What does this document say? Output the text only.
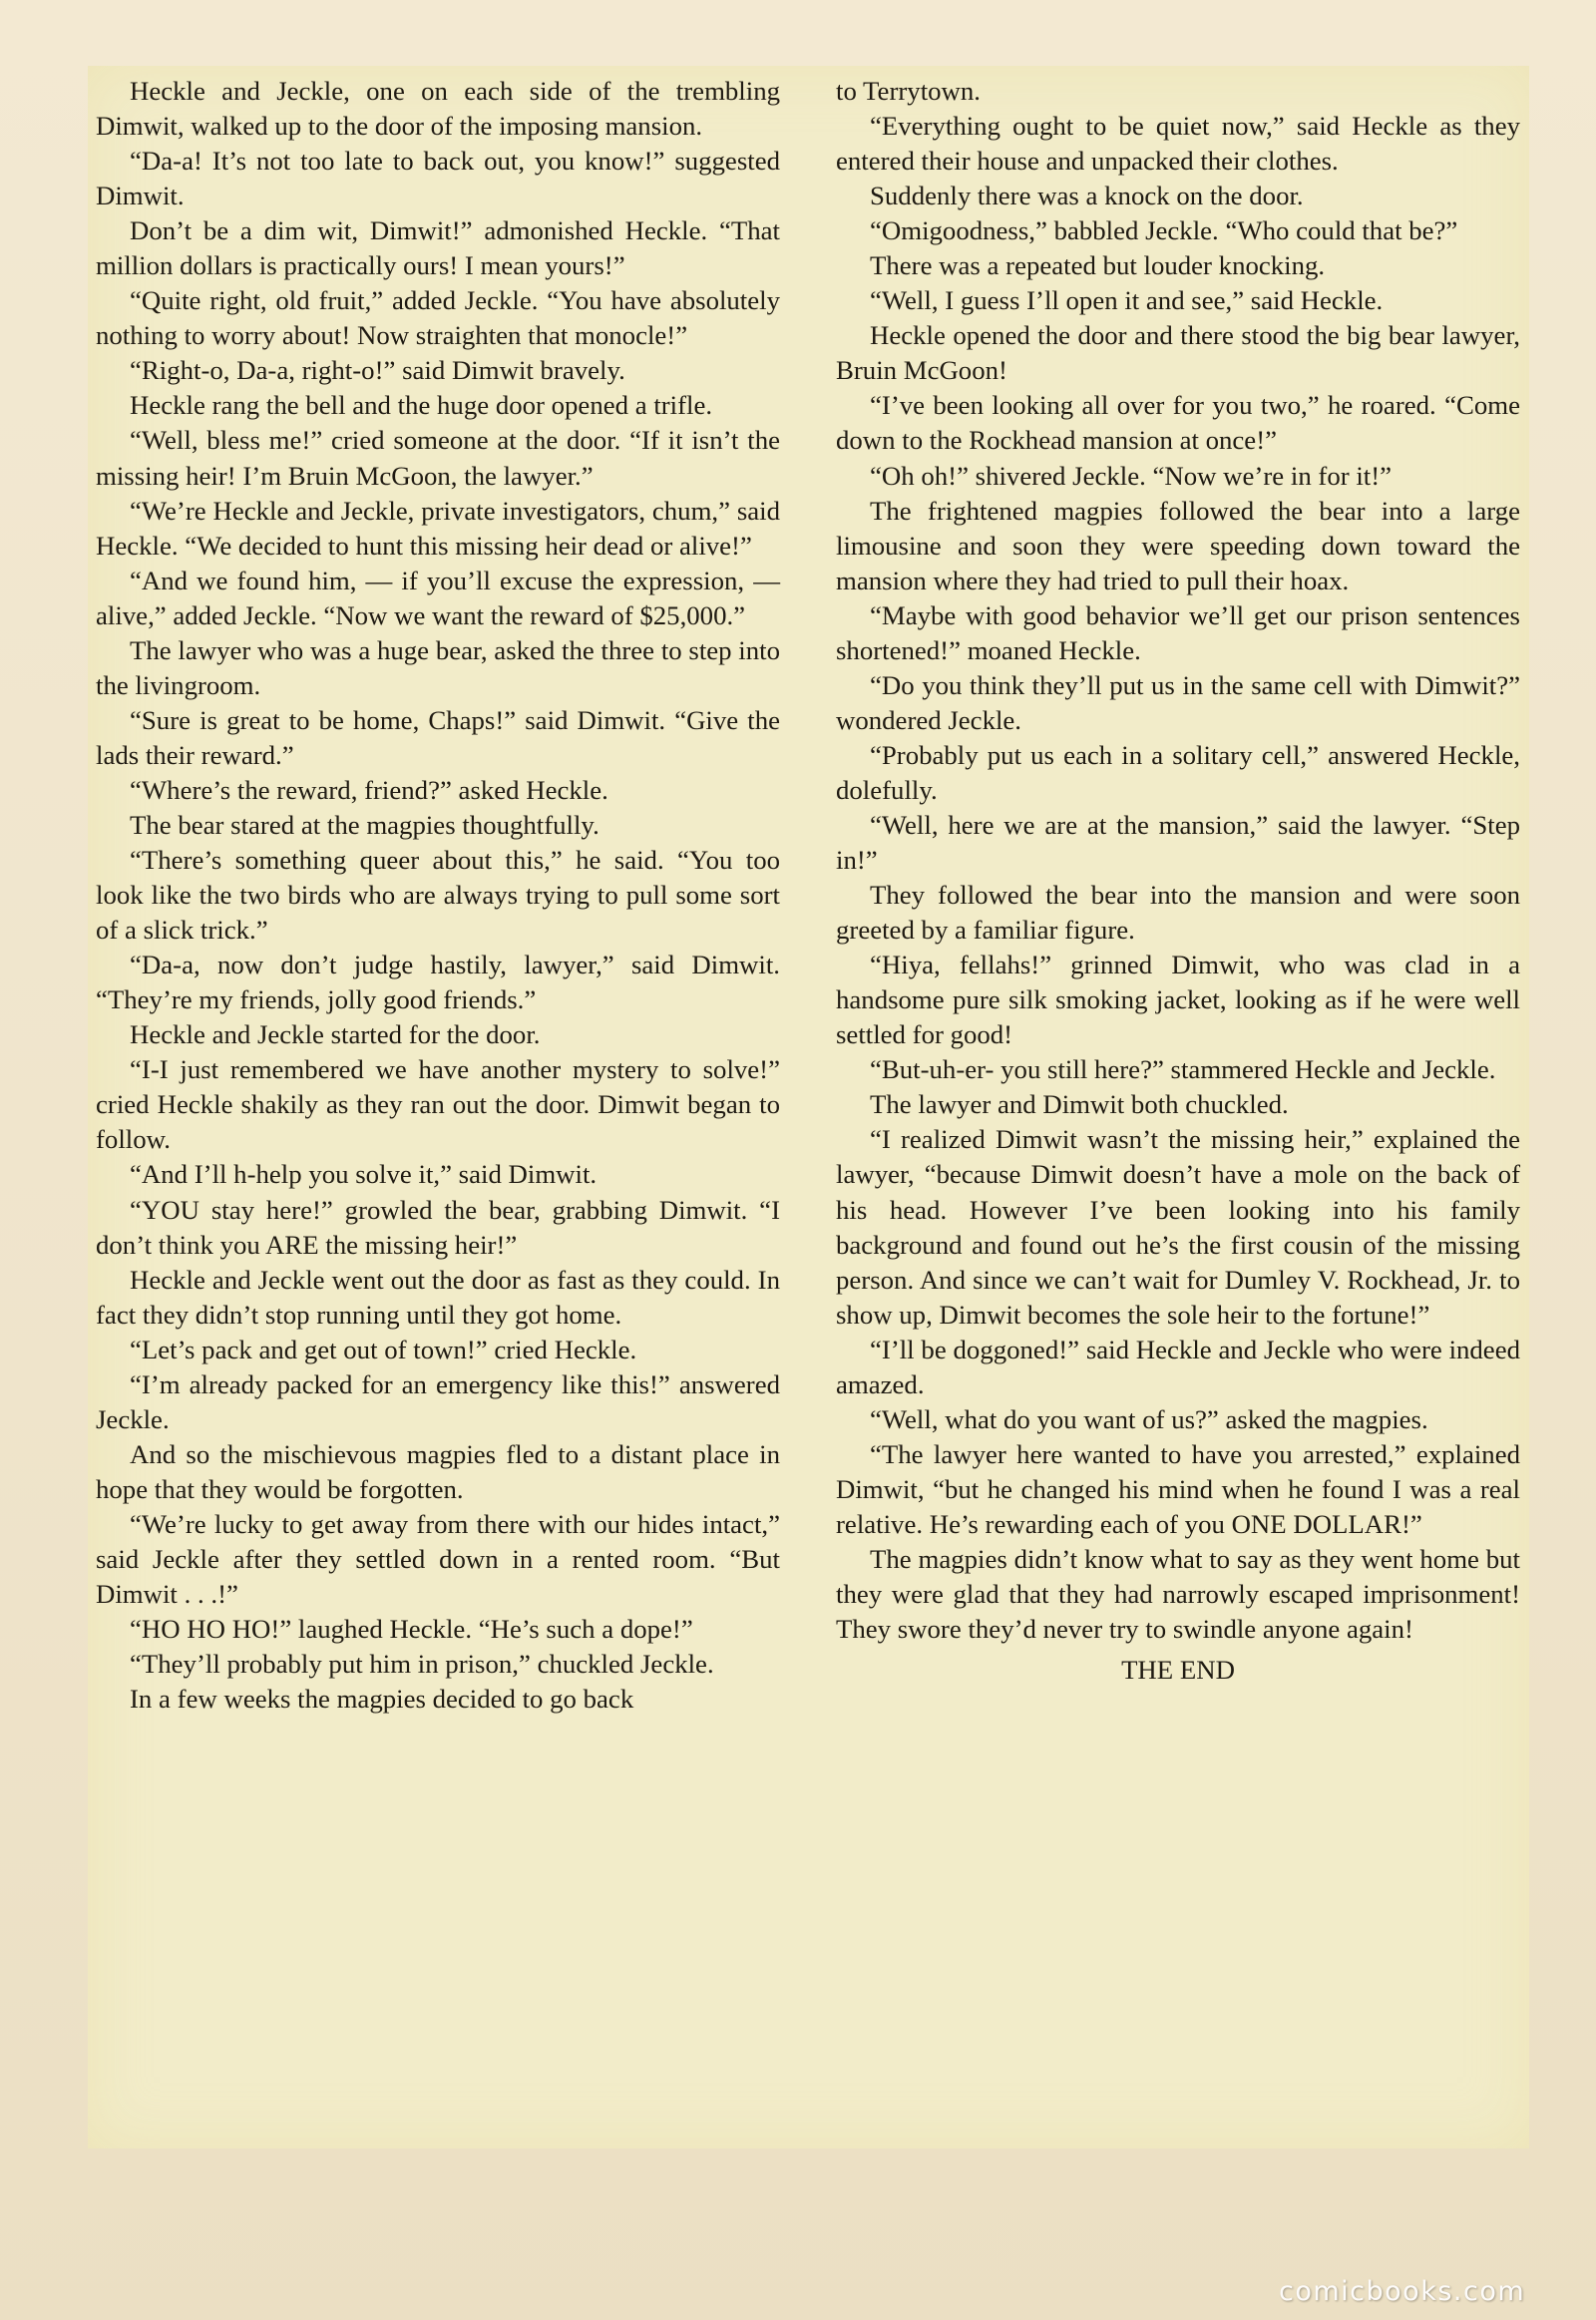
Heckle and Jeckle, one on each side of the trembling Dimwit, walked up to the door of the imposing mansion.

“Da-a! It’s not too late to back out, you know!” suggested Dimwit.

Don’t be a dim wit, Dimwit!” admonished Heckle. “That million dollars is practically ours! I mean yours!”

“Quite right, old fruit,” added Jeckle. “You have absolutely nothing to worry about! Now straighten that monocle!”

“Right-o, Da-a, right-o!” said Dimwit bravely.

Heckle rang the bell and the huge door opened a trifle.

“Well, bless me!” cried someone at the door. “If it isn’t the missing heir! I’m Bruin McGoon, the lawyer.”

“We’re Heckle and Jeckle, private investigators, chum,” said Heckle. “We decided to hunt this missing heir dead or alive!”

“And we found him, — if you’ll excuse the expression, — alive,” added Jeckle. “Now we want the reward of $25,000.”

The lawyer who was a huge bear, asked the three to step into the livingroom.

“Sure is great to be home, Chaps!” said Dimwit. “Give the lads their reward.”

“Where’s the reward, friend?” asked Heckle.

The bear stared at the magpies thoughtfully.

“There’s something queer about this,” he said. “You too look like the two birds who are always trying to pull some sort of a slick trick.”

“Da-a, now don’t judge hastily, lawyer,” said Dimwit. “They’re my friends, jolly good friends.”

Heckle and Jeckle started for the door.

“I-I just remembered we have another mystery to solve!” cried Heckle shakily as they ran out the door. Dimwit began to follow.

“And I’ll h-help you solve it,” said Dimwit.

“YOU stay here!” growled the bear, grabbing Dimwit. “I don’t think you ARE the missing heir!”

Heckle and Jeckle went out the door as fast as they could. In fact they didn’t stop running until they got home.

“Let’s pack and get out of town!” cried Heckle.

“I’m already packed for an emergency like this!” answered Jeckle.

And so the mischievous magpies fled to a distant place in hope that they would be forgotten.

“We’re lucky to get away from there with our hides intact,” said Jeckle after they settled down in a rented room. “But Dimwit . . .!”

“HO HO HO!” laughed Heckle. “He’s such a dope!”

“They’ll probably put him in prison,” chuckled Jeckle.

In a few weeks the magpies decided to go back

to Terrytown.

“Everything ought to be quiet now,” said Heckle as they entered their house and unpacked their clothes.

Suddenly there was a knock on the door.

“Omigoodness,” babbled Jeckle. “Who could that be?”

There was a repeated but louder knocking.

“Well, I guess I’ll open it and see,” said Heckle.

Heckle opened the door and there stood the big bear lawyer, Bruin McGoon!

“I’ve been looking all over for you two,” he roared. “Come down to the Rockhead mansion at once!”

“Oh oh!” shivered Jeckle. “Now we’re in for it!”

The frightened magpies followed the bear into a large limousine and soon they were speeding down toward the mansion where they had tried to pull their hoax.

“Maybe with good behavior we’ll get our prison sentences shortened!” moaned Heckle.

“Do you think they’ll put us in the same cell with Dimwit?” wondered Jeckle.

“Probably put us each in a solitary cell,” answered Heckle, dolefully.

“Well, here we are at the mansion,” said the lawyer. “Step in!”

They followed the bear into the mansion and were soon greeted by a familiar figure.

“Hiya, fellahs!” grinned Dimwit, who was clad in a handsome pure silk smoking jacket, looking as if he were well settled for good!

“But-uh-er- you still here?” stammered Heckle and Jeckle.

The lawyer and Dimwit both chuckled.

“I realized Dimwit wasn’t the missing heir,” explained the lawyer, “because Dimwit doesn’t have a mole on the back of his head. However I’ve been looking into his family background and found out he’s the first cousin of the missing person. And since we can’t wait for Dumley V. Rockhead, Jr. to show up, Dimwit becomes the sole heir to the fortune!”

“I’ll be doggoned!” said Heckle and Jeckle who were indeed amazed.

“Well, what do you want of us?” asked the magpies.

“The lawyer here wanted to have you arrested,” explained Dimwit, “but he changed his mind when he found I was a real relative. He’s rewarding each of you ONE DOLLAR!”

The magpies didn’t know what to say as they went home but they were glad that they had narrowly escaped imprisonment! They swore they’d never try to swindle anyone again!

THE END

comicbooks.com
